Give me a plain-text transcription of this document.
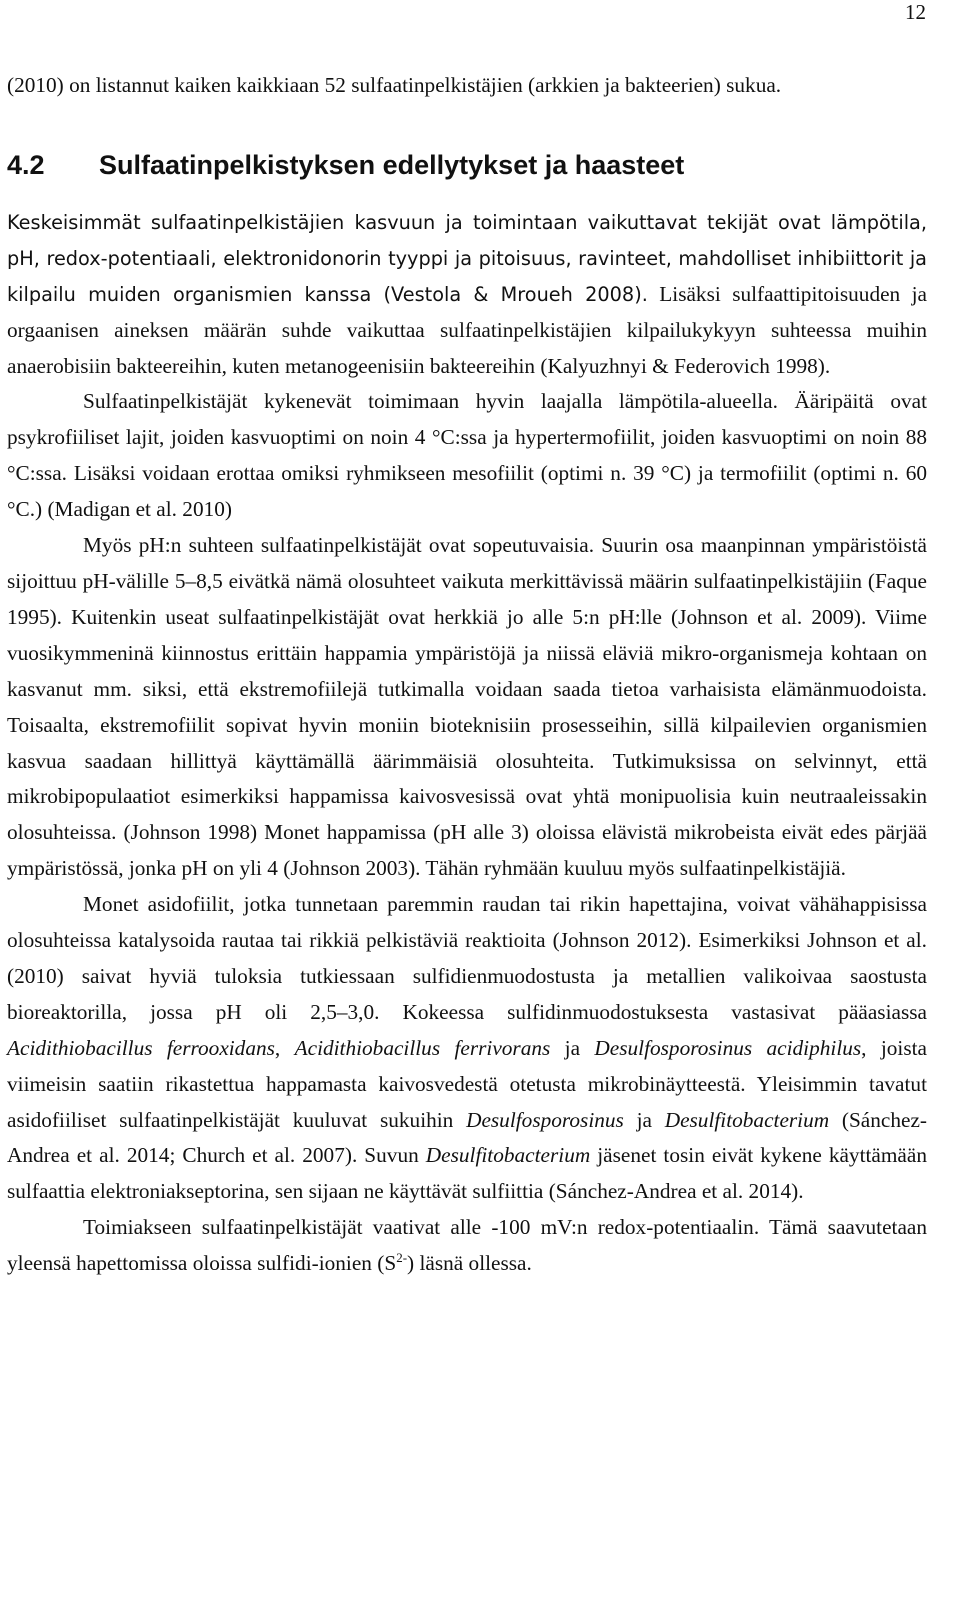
12

(2010) on listannut kaiken kaikkiaan 52 sulfaatinpelkistäjien (arkkien ja bakteerien) sukua.

4.2 Sulfaatinpelkistyksen edellytykset ja haasteet

Keskeisimmät sulfaatinpelkistäjien kasvuun ja toimintaan vaikuttavat tekijät ovat lämpötila, pH, redox-potentiaali, elektronidonorin tyyppi ja pitoisuus, ravinteet, mahdolliset inhibiittorit ja kilpailu muiden organismien kanssa (Vestola & Mroueh 2008). Lisäksi sulfaattipitoisuuden ja orgaanisen aineksen määrän suhde vaikuttaa sulfaatinpelkistäjien kilpailukykyyn suhteessa muihin anaerobisiin bakteereihin, kuten metanogeenisiin bakteereihin (Kalyuzhnyi & Federovich 1998).

Sulfaatinpelkistäjät kykenevät toimimaan hyvin laajalla lämpötila-alueella. Ääripäitä ovat psykrofiiliset lajit, joiden kasvuoptimi on noin 4 °C:ssa ja hypertermofiilit, joiden kasvuoptimi on noin 88 °C:ssa. Lisäksi voidaan erottaa omiksi ryhmikseen mesofiilit (optimi n. 39 °C) ja termofiilit (optimi n. 60 °C.) (Madigan et al. 2010)

Myös pH:n suhteen sulfaatinpelkistäjät ovat sopeutuvaisia. Suurin osa maanpinnan ympäristöistä sijoittuu pH-välille 5–8,5 eivätkä nämä olosuhteet vaikuta merkittävissä määrin sulfaatinpelkistäjiin (Faque 1995). Kuitenkin useat sulfaatinpelkistäjät ovat herkkiä jo alle 5:n pH:lle (Johnson et al. 2009). Viime vuosikymmeninä kiinnostus erittäin happamia ympäristöjä ja niissä eläviä mikro-organismeja kohtaan on kasvanut mm. siksi, että ekstremofiilejä tutkimalla voidaan saada tietoa varhaisista elämänmuodoista. Toisaalta, ekstremofiilit sopivat hyvin moniin bioteknisiin prosesseihin, sillä kilpailevien organismien kasvua saadaan hillittyä käyttämällä äärimmäisiä olosuhteita. Tutkimuksissa on selvinnyt, että mikrobipopulaatiot esimerkiksi happamissa kaivosvesissä ovat yhtä monipuolisia kuin neutraaleissakin olosuhteissa. (Johnson 1998) Monet happamissa (pH alle 3) oloissa elävistä mikrobeista eivät edes pärjää ympäristössä, jonka pH on yli 4 (Johnson 2003). Tähän ryhmään kuuluu myös sulfaatinpelkistäjiä.

Monet asidofiilit, jotka tunnetaan paremmin raudan tai rikin hapettajina, voivat vähähappisissa olosuhteissa katalysoida rautaa tai rikkiä pelkistäviä reaktioita (Johnson 2012). Esimerkiksi Johnson et al. (2010) saivat hyviä tuloksia tutkiessaan sulfidienmuodostusta ja metallien valikoivaa saostusta bioreaktorilla, jossa pH oli 2,5–3,0. Kokeessa sulfidinmuodostuksesta vastasivat pääasiassa Acidithiobacillus ferrooxidans, Acidithiobacillus ferrivorans ja Desulfosporosinus acidiphilus, joista viimeisin saatiin rikastettua happamasta kaivosvedestä otetusta mikrobinäytteestä. Yleisimmin tavatut asidofiiliset sulfaatinpelkistäjät kuuluvat sukuihin Desulfosporosinus ja Desulfitobacterium (Sánchez-Andrea et al. 2014; Church et al. 2007). Suvun Desulfitobacterium jäsenet tosin eivät kykene käyttämään sulfaattia elektroniakseptorina, sen sijaan ne käyttävät sulfiittia (Sánchez-Andrea et al. 2014).

Toimiakseen sulfaatinpelkistäjät vaativat alle -100 mV:n redox-potentiaalin. Tämä saavutetaan yleensä hapettomissa oloissa sulfidi-ionien $(S^{2-})$ läsnä ollessa.
